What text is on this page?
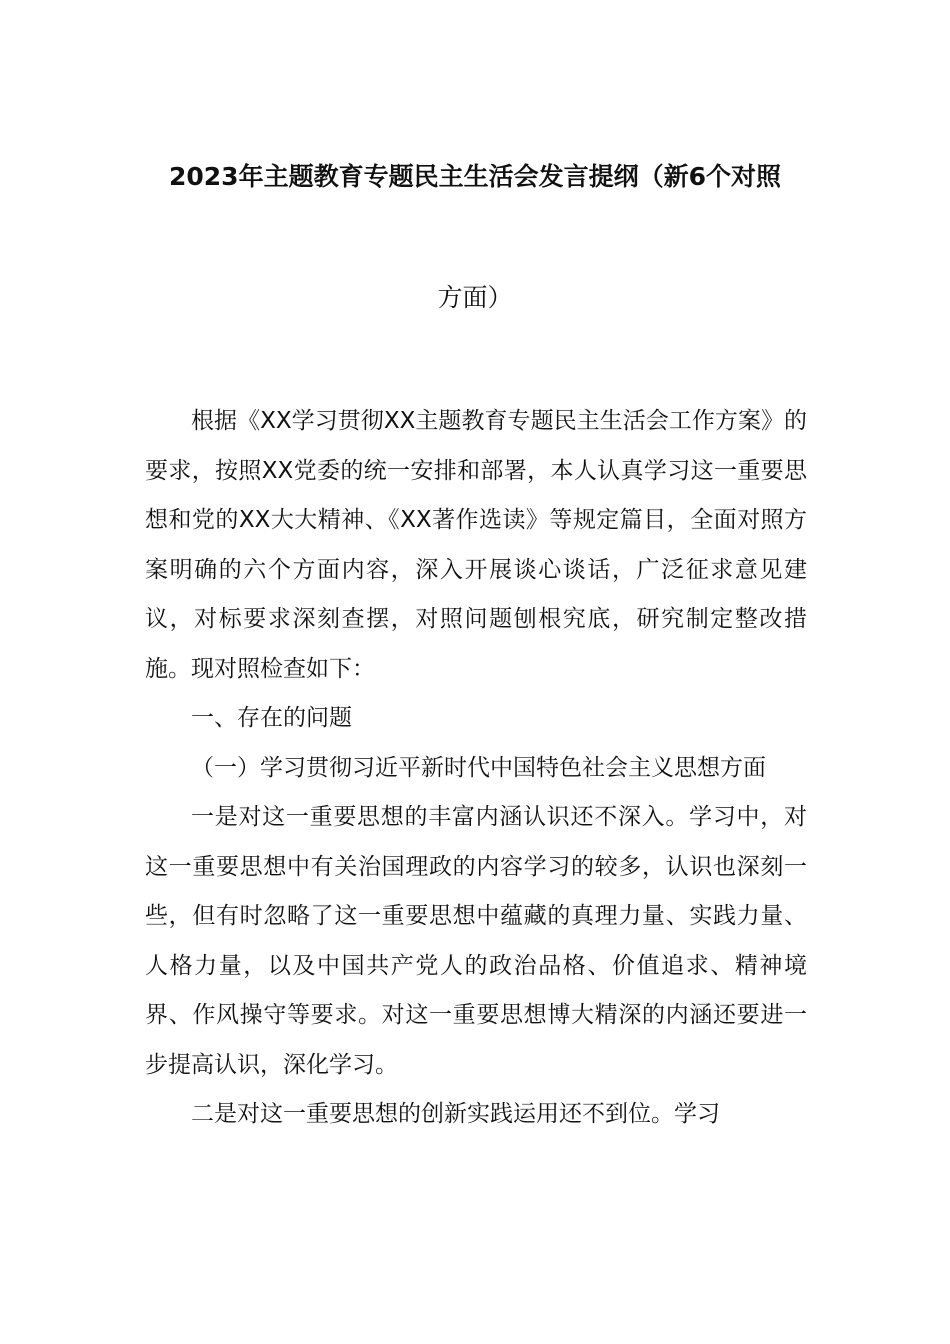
2023年主题教育专题民主生活会发言提纲（新6个对照
方面）

根据《XX学习贯彻XX主题教育专题民主生活会工作方案》的要求，按照XX党委的统一安排和部署，本人认真学习这一重要思想和党的XX大大精神、《XX著作选读》等规定篇目，全面对照方案明确的六个方面内容，深入开展谈心谈话，广泛征求意见建议，对标要求深刻查摆，对照问题刨根究底，研究制定整改措施。现对照检查如下：

一、存在的问题

（一）学习贯彻习近平新时代中国特色社会主义思想方面

一是对这一重要思想的丰富内涵认识还不深入。学习中，对这一重要思想中有关治国理政的内容学习的较多，认识也深刻一些，但有时忽略了这一重要思想中蕴藏的真理力量、实践力量、人格力量，以及中国共产党人的政治品格、价值追求、精神境界、作风操守等要求。对这一重要思想博大精深的内涵还要进一步提高认识，深化学习。

二是对这一重要思想的创新实践运用还不到位。学习
